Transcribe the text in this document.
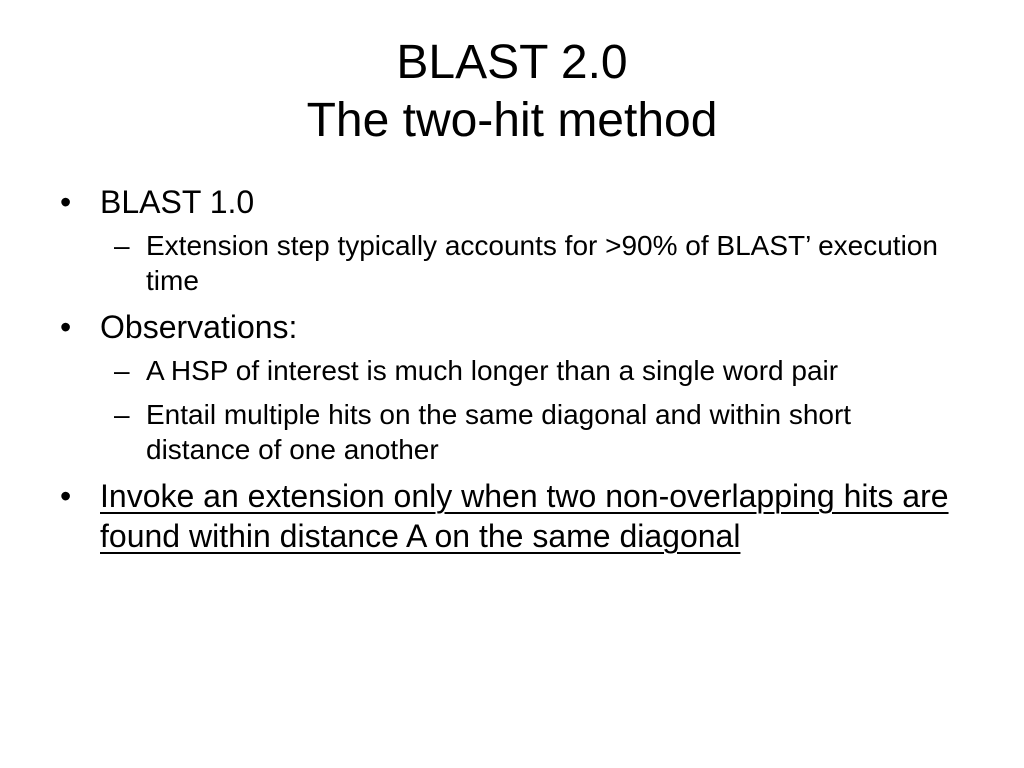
BLAST 2.0
The two-hit method
• BLAST 1.0
– Extension step typically accounts for >90% of BLAST’ execution time
• Observations:
– A HSP of interest is much longer than a single word pair
– Entail multiple hits on the same diagonal and within short distance of one another
• Invoke an extension only when two non-overlapping hits are found within distance A on the same diagonal
